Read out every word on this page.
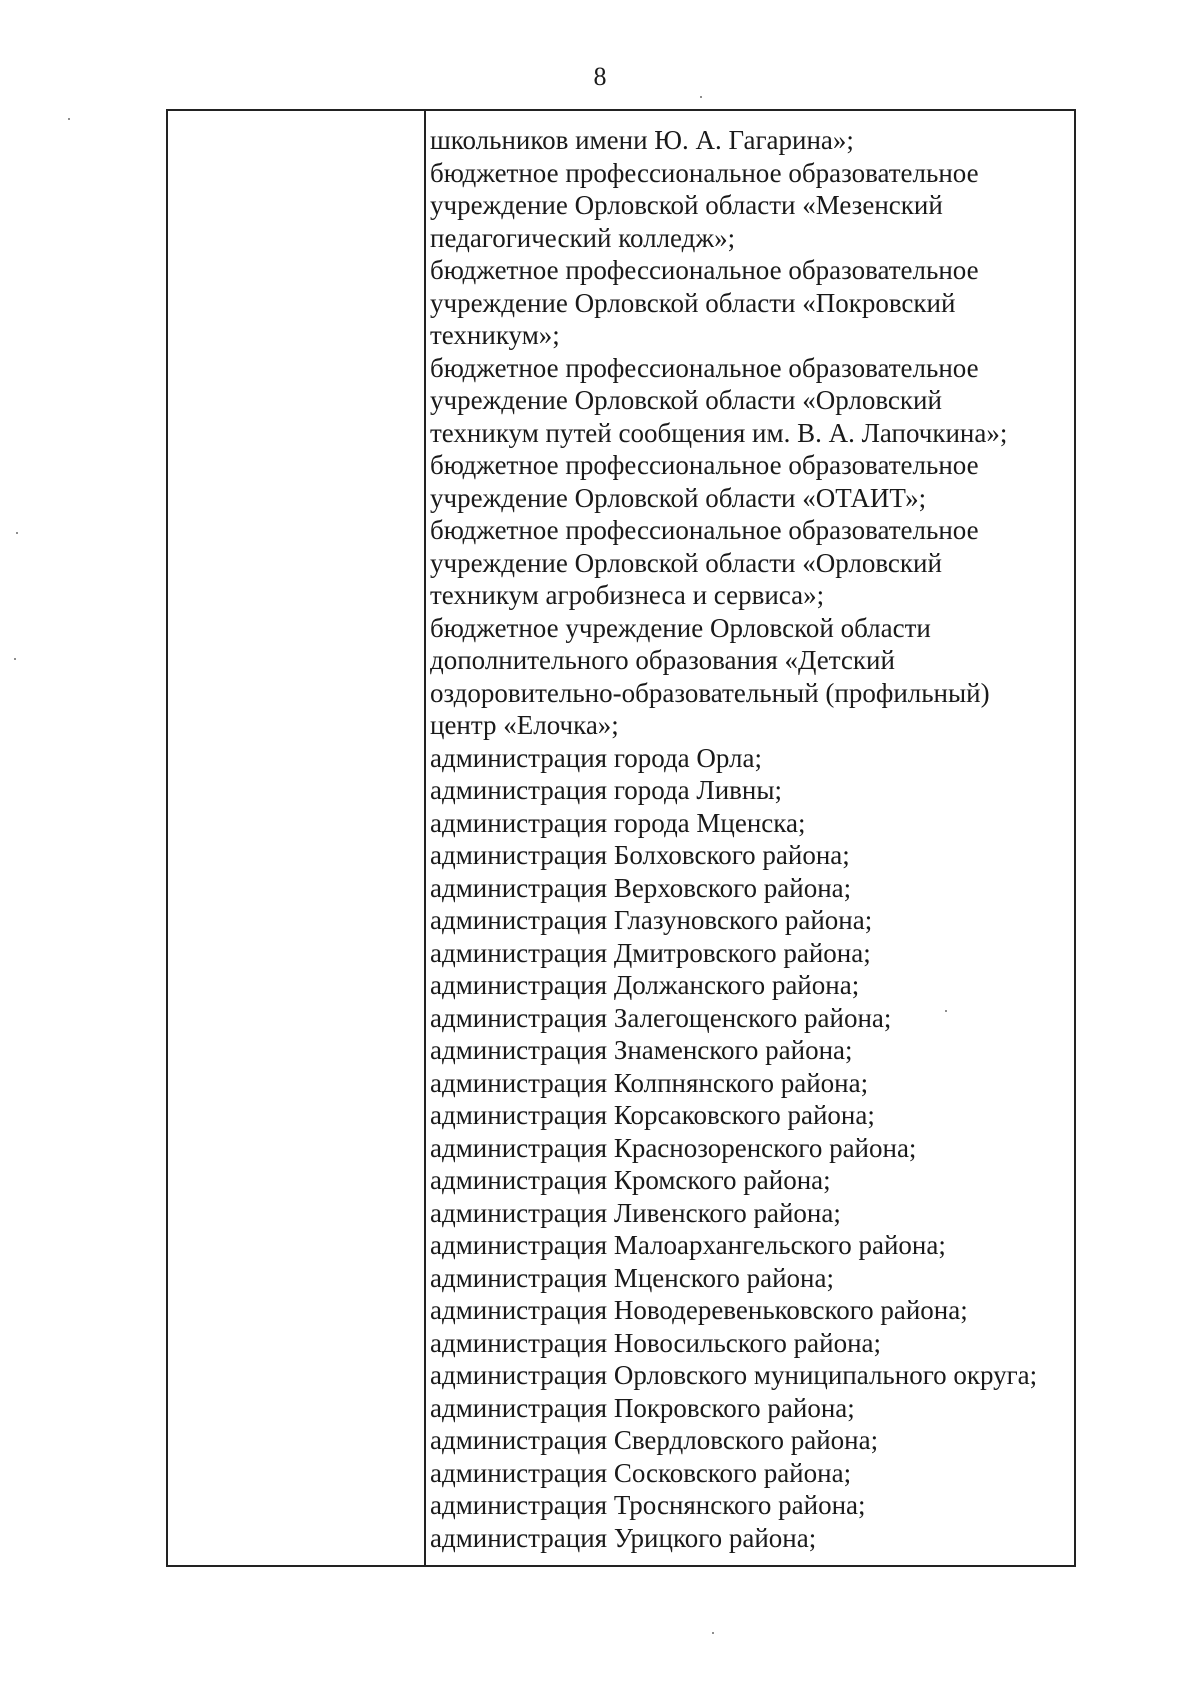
8
школьников имени Ю. А. Гагарина»;
бюджетное профессиональное образовательное
учреждение Орловской области «Мезенский
педагогический колледж»;
бюджетное профессиональное образовательное
учреждение Орловской области «Покровский
техникум»;
бюджетное профессиональное образовательное
учреждение Орловской области «Орловский
техникум путей сообщения им. В. А. Лапочкина»;
бюджетное профессиональное образовательное
учреждение Орловской области «ОТАИТ»;
бюджетное профессиональное образовательное
учреждение Орловской области «Орловский
техникум агробизнеса и сервиса»;
бюджетное учреждение Орловской области
дополнительного образования «Детский
оздоровительно-образовательный (профильный)
центр «Елочка»;
администрация города Орла;
администрация города Ливны;
администрация города Мценска;
администрация Болховского района;
администрация Верховского района;
администрация Глазуновского района;
администрация Дмитровского района;
администрация Должанского района;
администрация Залегощенского района;
администрация Знаменского района;
администрация Колпнянского района;
администрация Корсаковского района;
администрация Краснозоренского района;
администрация Кромского района;
администрация Ливенского района;
администрация Малоархангельского района;
администрация Мценского района;
администрация Новодеревеньковского района;
администрация Новосильского района;
администрация Орловского муниципального округа;
администрация Покровского района;
администрация Свердловского района;
администрация Сосковского района;
администрация Троснянского района;
администрация Урицкого района;
